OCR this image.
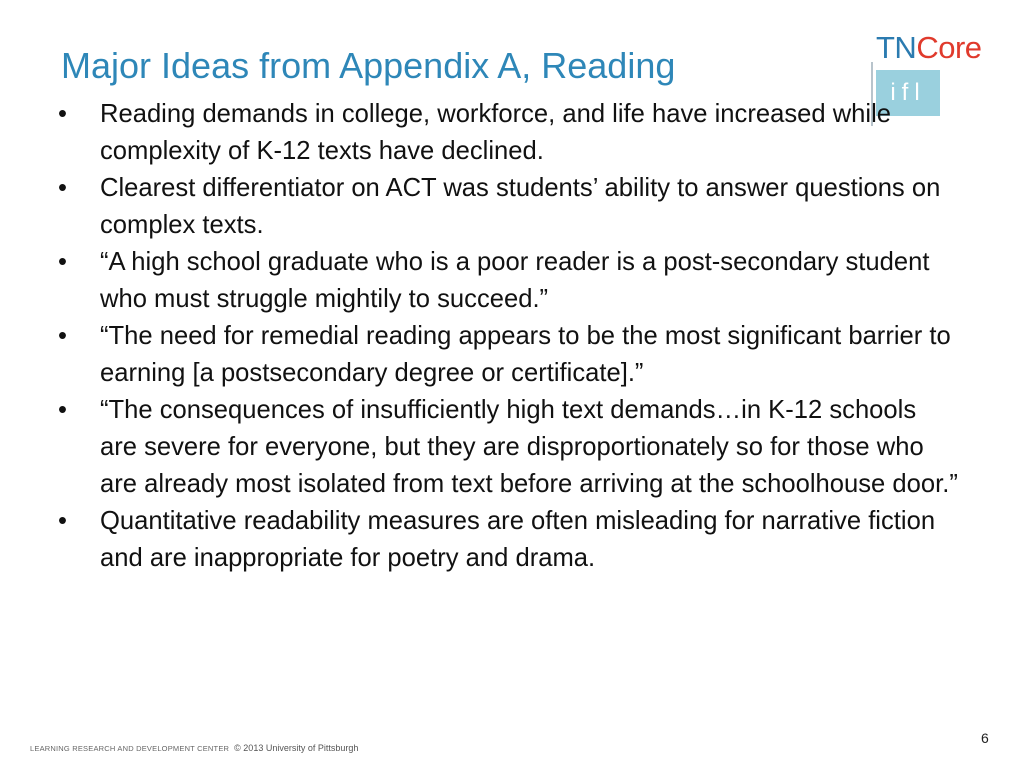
Major Ideas from Appendix A, Reading	TNCore
ifl
•	Reading demands in college, workforce, and life have increased while complexity of K-12 texts have declined.
•	Clearest differentiator on ACT was students’ ability to answer questions on complex texts.
•	“A high school graduate who is a poor reader is a post-secondary student who must struggle mightily to succeed.”
•	“The need for remedial reading appears to be the most significant barrier to earning [a postsecondary degree or certificate].”
•	“The consequences of insufficiently high text demands…in K-12 schools are severe for everyone, but they are disproportionately so for those who are already most isolated from text before arriving at the schoolhouse door.”
•	Quantitative readability measures are often misleading for narrative fiction and are inappropriate for poetry and drama.
LEARNING RESEARCH AND DEVELOPMENT CENTER © 2013 University of Pittsburgh
6
